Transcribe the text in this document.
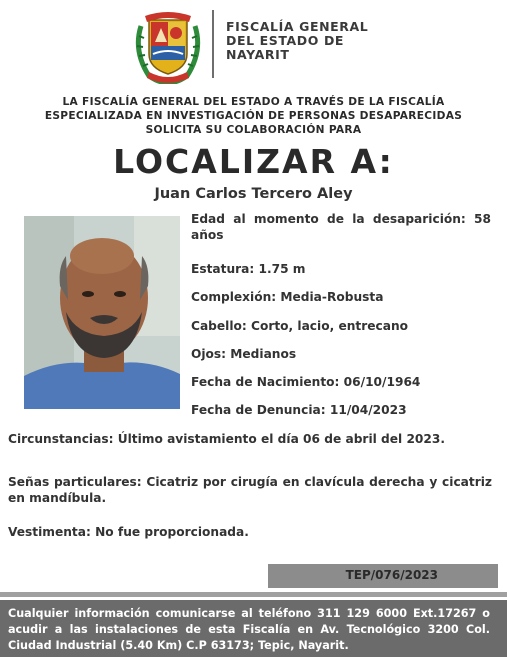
FISCALÍA GENERAL
DEL ESTADO DE
NAYARIT
LA FISCALÍA GENERAL DEL ESTADO A TRAVÉS DE LA FISCALÍA
ESPECIALIZADA EN INVESTIGACIÓN DE PERSONAS DESAPARECIDAS
SOLICITA SU COLABORACIÓN PARA
LOCALIZAR A:
Juan Carlos Tercero Aley
Edad al momento de la desaparición: 58 años
Estatura: 1.75 m
Complexión: Media-Robusta
Cabello: Corto, lacio, entrecano
Ojos: Medianos
Fecha de Nacimiento: 06/10/1964
Fecha de Denuncia: 11/04/2023
Circunstancias: Último avistamiento el día 06 de abril del 2023.
Señas particulares: Cicatriz por cirugía en clavícula derecha y cicatriz en mandíbula.
Vestimenta: No fue proporcionada.
TEP/076/2023
Cualquier información comunicarse al teléfono 311 129 6000 Ext.17267 o acudir a las instalaciones de esta Fiscalía en Av. Tecnológico 3200 Col. Ciudad Industrial (5.40 Km) C.P 63173; Tepic, Nayarit.
